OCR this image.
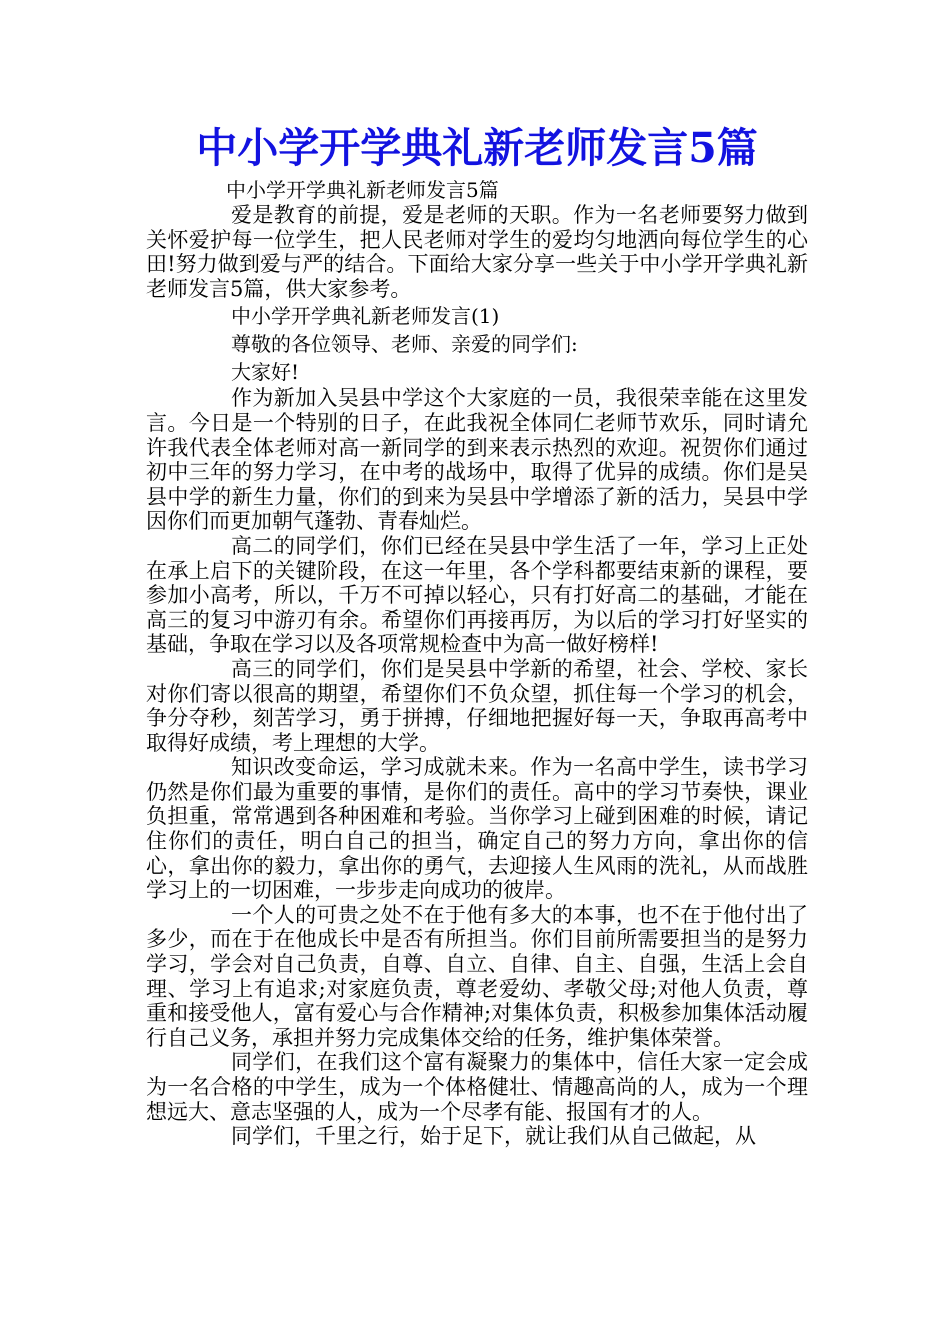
中小学开学典礼新老师发言5篇

中小学开学典礼新老师发言5篇

爱是教育的前提，爱是老师的天职。作为一名老师要努力做到关怀爱护每一位学生，把人民老师对学生的爱均匀地洒向每位学生的心田!努力做到爱与严的结合。下面给大家分享一些关于中小学开学典礼新老师发言5篇，供大家参考。

中小学开学典礼新老师发言(1)

尊敬的各位领导、老师、亲爱的同学们:

大家好!

作为新加入吴县中学这个大家庭的一员，我很荣幸能在这里发言。今日是一个特别的日子，在此我祝全体同仁老师节欢乐，同时请允许我代表全体老师对高一新同学的到来表示热烈的欢迎。祝贺你们通过初中三年的努力学习，在中考的战场中，取得了优异的成绩。你们是吴县中学的新生力量，你们的到来为吴县中学增添了新的活力，吴县中学因你们而更加朝气蓬勃、青春灿烂。

高二的同学们，你们已经在吴县中学生活了一年，学习上正处在承上启下的关键阶段，在这一年里，各个学科都要结束新的课程，要参加小高考，所以，千万不可掉以轻心，只有打好高二的基础，才能在高三的复习中游刃有余。希望你们再接再厉，为以后的学习打好坚实的基础，争取在学习以及各项常规检查中为高一做好榜样!

高三的同学们，你们是吴县中学新的希望，社会、学校、家长对你们寄以很高的期望，希望你们不负众望，抓住每一个学习的机会，争分夺秒，刻苦学习，勇于拼搏，仔细地把握好每一天，争取再高考中取得好成绩，考上理想的大学。

知识改变命运，学习成就未来。作为一名高中学生，读书学习仍然是你们最为重要的事情，是你们的责任。高中的学习节奏快，课业负担重，常常遇到各种困难和考验。当你学习上碰到困难的时候，请记住你们的责任，明白自己的担当，确定自己的努力方向，拿出你的信心，拿出你的毅力，拿出你的勇气，去迎接人生风雨的洗礼，从而战胜学习上的一切困难，一步步走向成功的彼岸。

一个人的可贵之处不在于他有多大的本事，也不在于他付出了多少，而在于在他成长中是否有所担当。你们目前所需要担当的是努力学习，学会对自己负责，自尊、自立、自律、自主、自强，生活上会自理、学习上有追求;对家庭负责，尊老爱幼、孝敬父母;对他人负责，尊重和接受他人，富有爱心与合作精神;对集体负责，积极参加集体活动履行自己义务，承担并努力完成集体交给的任务，维护集体荣誉。

同学们，在我们这个富有凝聚力的集体中，信任大家一定会成为一名合格的中学生，成为一个体格健壮、情趣高尚的人，成为一个理想远大、意志坚强的人，成为一个尽孝有能、报国有才的人。

同学们，千里之行，始于足下，就让我们从自己做起，从
